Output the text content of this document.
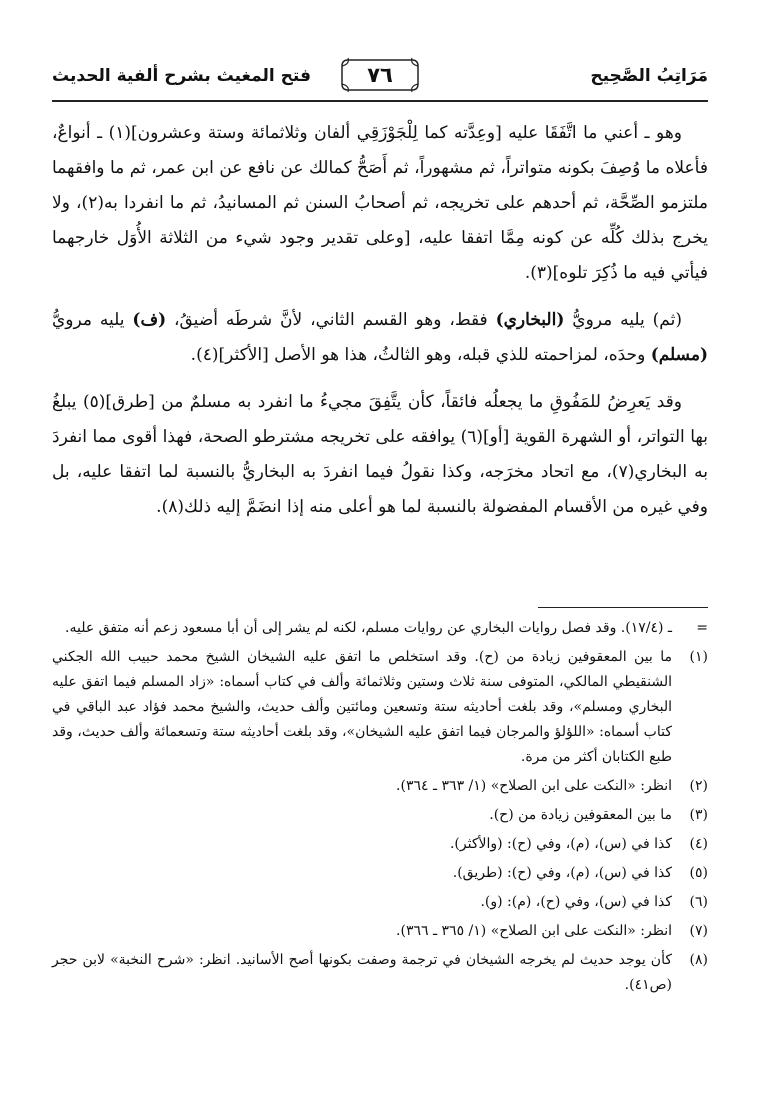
مَرَاتِبُ الصَّحِيح
٧٦
فتح المغيث بشرح ألفية الحديث

وهو ـ أعني ما اتَّفَقَا عليه [وعِدَّته كما لِلْجَوْزَقِي ألفان وثلاثمائة وستة وعشرون](١) ـ أنواعٌ، فأعلاه ما وُصِفَ بكونه متواتراً، ثم مشهوراً، ثم أَصَحُّ كمالك عن نافع عن ابن عمر، ثم ما وافقهما ملتزمو الصِّحَّة، ثم أحدهم على تخريجه، ثم أصحابُ السنن ثم المسانيدُ، ثم ما انفردا به(٢)، ولا يخرج بذلك كُلِّه عن كونه مِمَّا اتفقا عليه، [وعلى تقدير وجود شيء من الثلاثة الأُوَل خارجهما فيأتي فيه ما ذُكِرَ تلوه](٣).

(ثم) يليه مرويُّ (البخاري) فقط، وهو القسم الثاني، لأنَّ شرطَه أضيقُ، (ف) يليه مرويُّ (مسلم) وحدَه، لمزاحمته للذي قبله، وهو الثالثُ، هذا هو الأصل [الأكثر](٤).

وقد يَعرِضُ للمَفُوقِ ما يجعلُه فائقاً، كأن يتَّفِقَ مجيءُ ما انفرد به مسلمٌ من [طرق](٥) يبلغُ بها التواتر، أو الشهرة القوية [أو](٦) يوافقه على تخريجه مشترطو الصحة، فهذا أقوى مما انفردَ به البخاري(٧)، مع اتحاد مخرَجه، وكذا نقولُ فيما انفردَ به البخاريُّ بالنسبة لما اتفقا عليه، بل وفي غيره من الأقسام المفضولة بالنسبة لما هو أعلى منه إذا انضَمَّ إليه ذلك(٨).

=
ـ (١٧/٤). وقد فصل روايات البخاري عن روايات مسلم، لكنه لم يشر إلى أن أبا مسعود زعم أنه متفق عليه.
(١)
ما بين المعقوفين زيادة من (ح). وقد استخلص ما اتفق عليه الشيخان الشيخ محمد حبيب الله الجكني الشنقيطي المالكي، المتوفى سنة ثلاث وستين وثلاثمائة وألف في كتاب أسماه: «زاد المسلم فيما اتفق عليه البخاري ومسلم»، وقد بلغت أحاديثه ستة وتسعين ومائتين وألف حديث، والشيخ محمد فؤاد عبد الباقي في كتاب أسماه: «اللؤلؤ والمرجان فيما اتفق عليه الشيخان»، وقد بلغت أحاديثه ستة وتسعمائة وألف حديث، وقد طبع الكتابان أكثر من مرة.
(٢)
انظر: «النكت على ابن الصلاح» (١/ ٣٦٣ ـ ٣٦٤).
(٣)
ما بين المعقوفين زيادة من (ح).
(٤)
كذا في (س)، (م)، وفي (ح): (والأكثر).
(٥)
كذا في (س)، (م)، وفي (ح): (طريق).
(٦)
كذا في (س)، وفي (ح)، (م): (و).
(٧)
انظر: «النكت على ابن الصلاح» (١/ ٣٦٥ ـ ٣٦٦).
(٨)
كأن يوجد حديث لم يخرجه الشيخان في ترجمة وصفت بكونها أصح الأسانيد. انظر: «شرح النخبة» لابن حجر (ص٤١).
